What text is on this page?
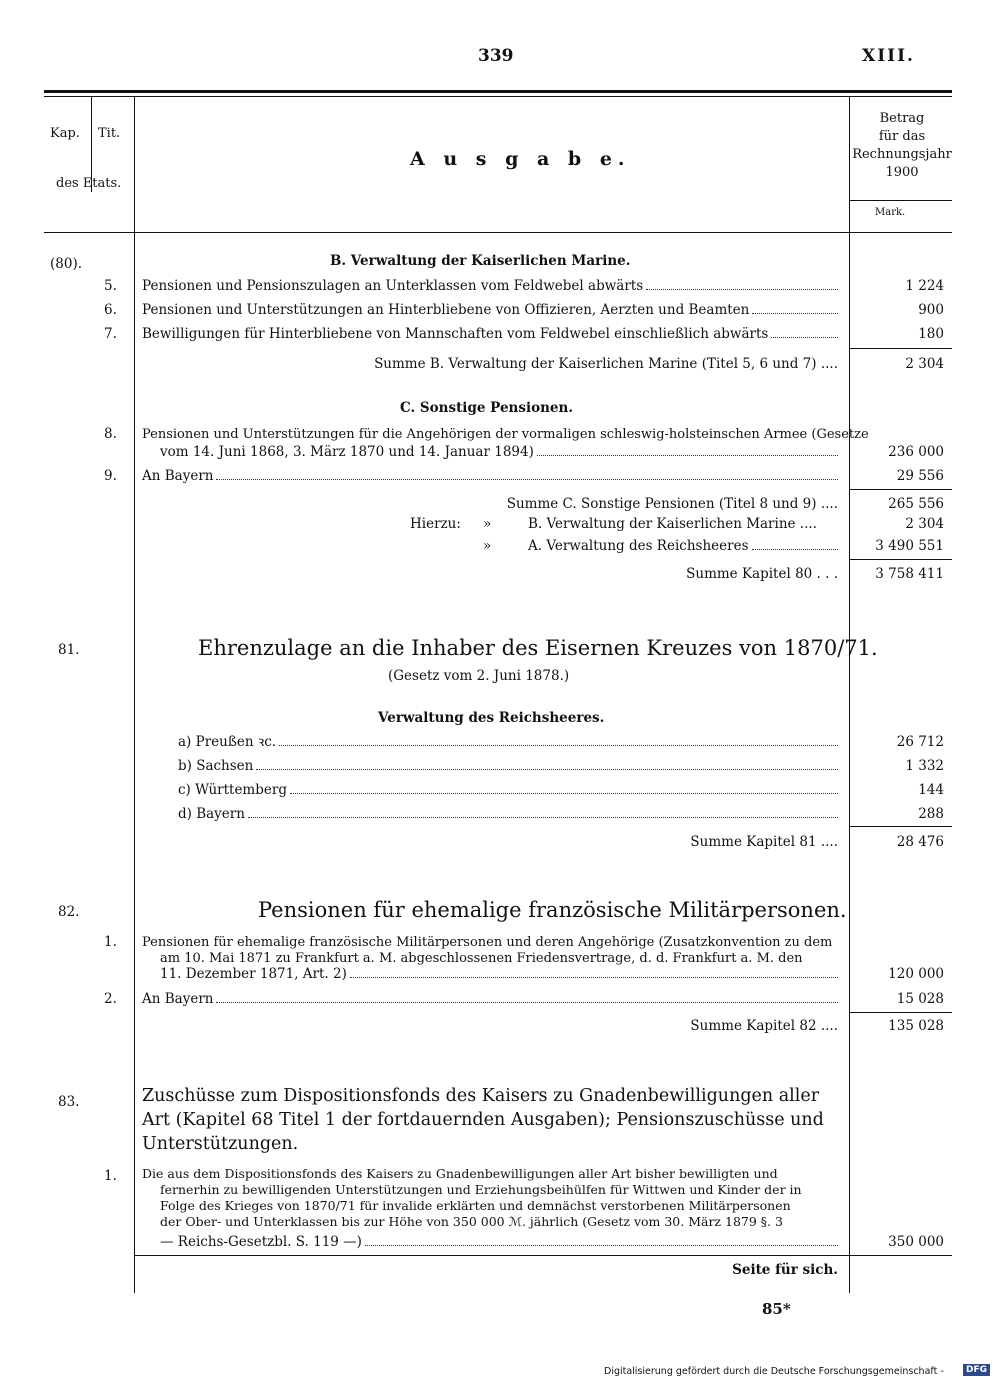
339	XIII.
Kap. Tit.
des Etats.
A u s g a b e.
Betrag
für das
Rechnungsjahr
1900
Mark.
(80).	B. Verwaltung der Kaiserlichen Marine.
5. Pensionen und Pensionszulagen an Unterklassen vom Feldwebel abwärts	1 224
6. Pensionen und Unterstützungen an Hinterbliebene von Offizieren, Aerzten und Beamten	900
7. Bewilligungen für Hinterbliebene von Mannschaften vom Feldwebel einschließlich abwärts	180
Summe B. Verwaltung der Kaiserlichen Marine (Titel 5, 6 und 7) ....	2 304
C. Sonstige Pensionen.
8. Pensionen und Unterstützungen für die Angehörigen der vormaligen schleswig-holsteinschen Armee (Gesetze
vom 14. Juni 1868, 3. März 1870 und 14. Januar 1894)	236 000
9. An Bayern	29 556
Summe C. Sonstige Pensionen (Titel 8 und 9) ....	265 556
Hierzu: »	B. Verwaltung der Kaiserlichen Marine ....	2 304
»	A. Verwaltung des Reichsheeres	3 490 551
Summe Kapitel 80 . . .	3 758 411
81.	Ehrenzulage an die Inhaber des Eisernen Kreuzes von 1870/71.
(Gesetz vom 2. Juni 1878.)
Verwaltung des Reichsheeres.
a) Preußen ꝛc.	26 712
b) Sachsen	1 332
c) Württemberg	144
d) Bayern	288
Summe Kapitel 81 ....	28 476
82.	Pensionen für ehemalige französische Militärpersonen.
1. Pensionen für ehemalige französische Militärpersonen und deren Angehörige (Zusatzkonvention zu dem
am 10. Mai 1871 zu Frankfurt a. M. abgeschlossenen Friedensvertrage, d. d. Frankfurt a. M. den
11. Dezember 1871, Art. 2)	120 000
2. An Bayern	15 028
Summe Kapitel 82 ....	135 028
83.	Zuschüsse zum Dispositionsfonds des Kaisers zu Gnadenbewilligungen aller
Art (Kapitel 68 Titel 1 der fortdauernden Ausgaben); Pensionszuschüsse und
Unterstützungen.
1. Die aus dem Dispositionsfonds des Kaisers zu Gnadenbewilligungen aller Art bisher bewilligten und
fernerhin zu bewilligenden Unterstützungen und Erziehungsbeihülfen für Wittwen und Kinder der in
Folge des Krieges von 1870/71 für invalide erklärten und demnächst verstorbenen Militärpersonen
der Ober- und Unterklassen bis zur Höhe von 350 000 ℳ. jährlich (Gesetz vom 30. März 1879 §. 3
— Reichs-Gesetzbl. S. 119 —)	350 000
Seite für sich.
85*
Digitalisierung gefördert durch die Deutsche Forschungsgemeinschaft -	DFG
